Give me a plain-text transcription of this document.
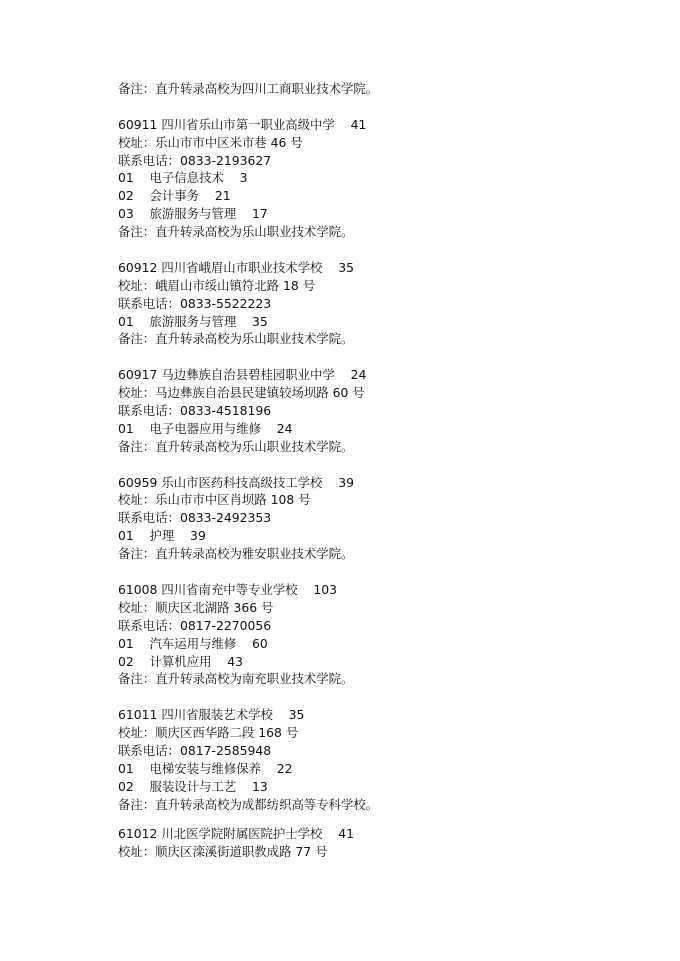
备注：直升转录高校为四川工商职业技术学院。
60911 四川省乐山市第一职业高级中学    41
校址：乐山市市中区米市巷 46 号
联系电话：0833-2193627
01    电子信息技术    3
02    会计事务    21
03    旅游服务与管理    17
备注：直升转录高校为乐山职业技术学院。
60912 四川省峨眉山市职业技术学校    35
校址：峨眉山市绥山镇符北路 18 号
联系电话：0833-5522223
01    旅游服务与管理    35
备注：直升转录高校为乐山职业技术学院。
60917 马边彝族自治县碧桂园职业中学    24
校址：马边彝族自治县民建镇较场坝路 60 号
联系电话：0833-4518196
01    电子电器应用与维修    24
备注：直升转录高校为乐山职业技术学院。
60959 乐山市医药科技高级技工学校    39
校址：乐山市市中区肖坝路 108 号
联系电话：0833-2492353
01    护理    39
备注：直升转录高校为雅安职业技术学院。
61008 四川省南充中等专业学校    103
校址：顺庆区北湖路 366 号
联系电话：0817-2270056
01    汽车运用与维修    60
02    计算机应用    43
备注：直升转录高校为南充职业技术学院。
61011 四川省服装艺术学校    35
校址：顺庆区西华路二段 168 号
联系电话：0817-2585948
01    电梯安装与维修保养    22
02    服装设计与工艺    13
备注：直升转录高校为成都纺织高等专科学校。
61012 川北医学院附属医院护士学校    41
校址：顺庆区滦溪街道职教成路 77 号
